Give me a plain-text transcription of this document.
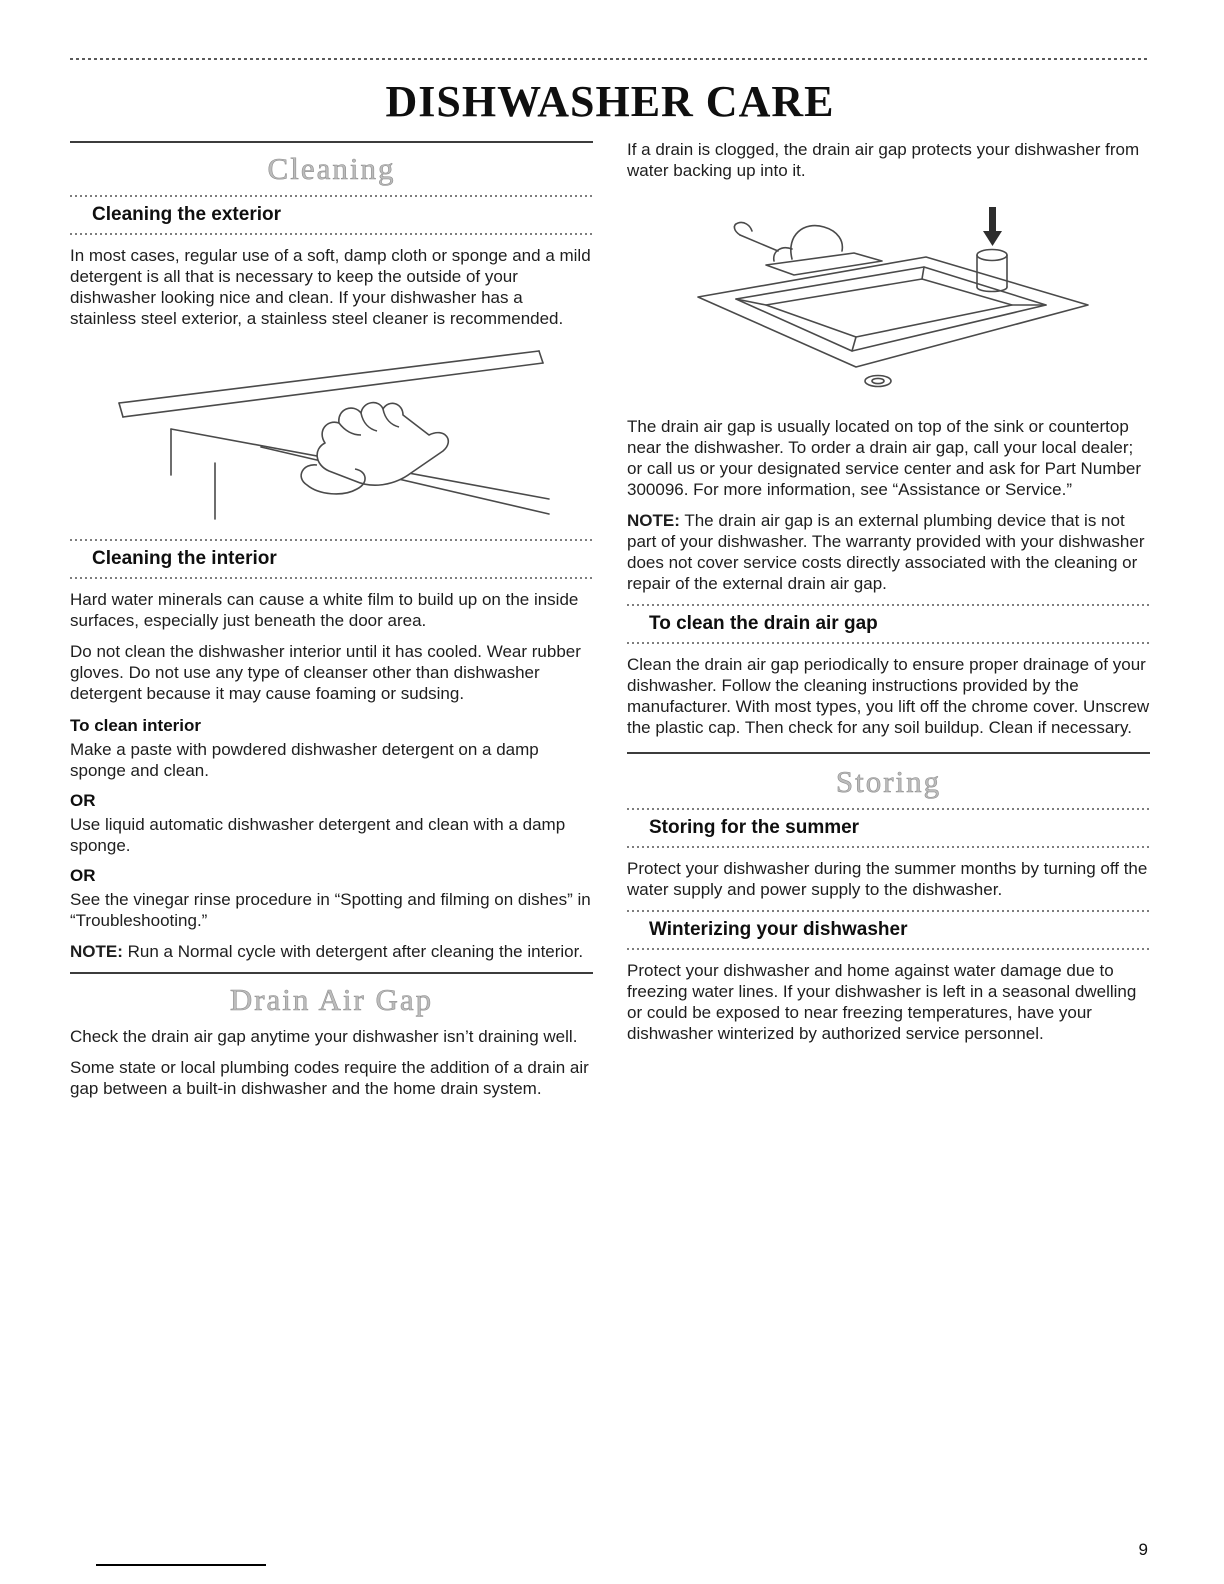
DISHWASHER CARE
Cleaning
Cleaning the exterior

In most cases, regular use of a soft, damp cloth or sponge and a mild detergent is all that is necessary to keep the outside of your dishwasher looking nice and clean. If your dishwasher has a stainless steel exterior, a stainless steel cleaner is recommended.

Cleaning the interior

Hard water minerals can cause a white film to build up on the inside surfaces, especially just beneath the door area.

Do not clean the dishwasher interior until it has cooled. Wear rubber gloves. Do not use any type of cleanser other than dishwasher detergent because it may cause foaming or sudsing.

To clean interior

Make a paste with powdered dishwasher detergent on a damp sponge and clean.

OR

Use liquid automatic dishwasher detergent and clean with a damp sponge.

OR

See the vinegar rinse procedure in “Spotting and filming on dishes” in “Troubleshooting.”

NOTE: Run a Normal cycle with detergent after cleaning the interior.

Drain Air Gap

Check the drain air gap anytime your dishwasher isn’t draining well.

Some state or local plumbing codes require the addition of a drain air gap between a built-in dishwasher and the home drain system.

If a drain is clogged, the drain air gap protects your dishwasher from water backing up into it.

The drain air gap is usually located on top of the sink or countertop near the dishwasher. To order a drain air gap, call your local dealer; or call us or your designated service center and ask for Part Number 300096. For more information, see “Assistance or Service.”

NOTE: The drain air gap is an external plumbing device that is not part of your dishwasher. The warranty provided with your dishwasher does not cover service costs directly associated with the cleaning or repair of the external drain air gap.

To clean the drain air gap

Clean the drain air gap periodically to ensure proper drainage of your dishwasher. Follow the cleaning instructions provided by the manufacturer. With most types, you lift off the chrome cover. Unscrew the plastic cap. Then check for any soil buildup. Clean if necessary.

Storing
Storing for the summer

Protect your dishwasher during the summer months by turning off the water supply and power supply to the dishwasher.

Winterizing your dishwasher

Protect your dishwasher and home against water damage due to freezing water lines. If your dishwasher is left in a seasonal dwelling or could be exposed to near freezing temperatures, have your dishwasher winterized by authorized service personnel.

9
